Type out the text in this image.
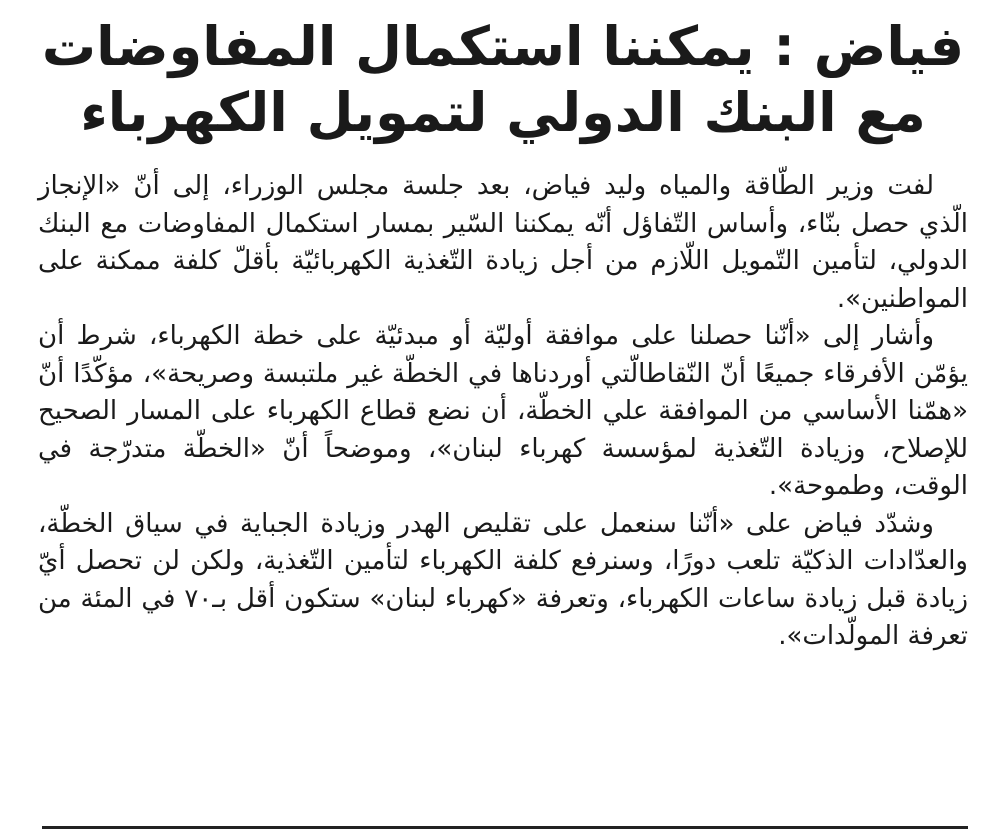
فياض : يمكننا استكمال المفاوضات
مع البنك الدولي لتمويل الكهرباء

لفت وزير الطّاقة والمياه وليد فياض، بعد جلسة مجلس الوزراء، إلى أنّ «الإنجاز الّذي حصل بنّاء، وأساس التّفاؤل أنّه يمكننا السّير بمسار استكمال المفاوضات مع البنك الدولي، لتأمين التّمويل اللّازم من أجل زيادة التّغذية الكهربائيّة بأقلّ كلفة ممكنة على المواطنين».

وأشار إلى «أنّنا حصلنا على موافقة أوليّة أو مبدئيّة على خطة الكهرباء، شرط أن يؤمّن الأفرقاء جميعًا أنّ النّقاطالّتي أوردناها في الخطّة غير ملتبسة وصريحة»، مؤكّدًا أنّ «همّنا الأساسي من الموافقة علي الخطّة، أن نضع قطاع الكهرباء على المسار الصحيح للإصلاح، وزيادة التّغذية لمؤسسة كهرباء لبنان»، وموضحاً أنّ «الخطّة متدرّجة في الوقت، وطموحة».

وشدّد فياض على «أنّنا سنعمل على تقليص الهدر وزيادة الجباية في سياق الخطّة، والعدّادات الذكيّة تلعب دورًا، وسنرفع كلفة الكهرباء لتأمين التّغذية، ولكن لن تحصل أيّ زيادة قبل زيادة ساعات الكهرباء، وتعرفة «كهرباء لبنان» ستكون أقل بـ٧٠ في المئة من تعرفة المولّدات».
